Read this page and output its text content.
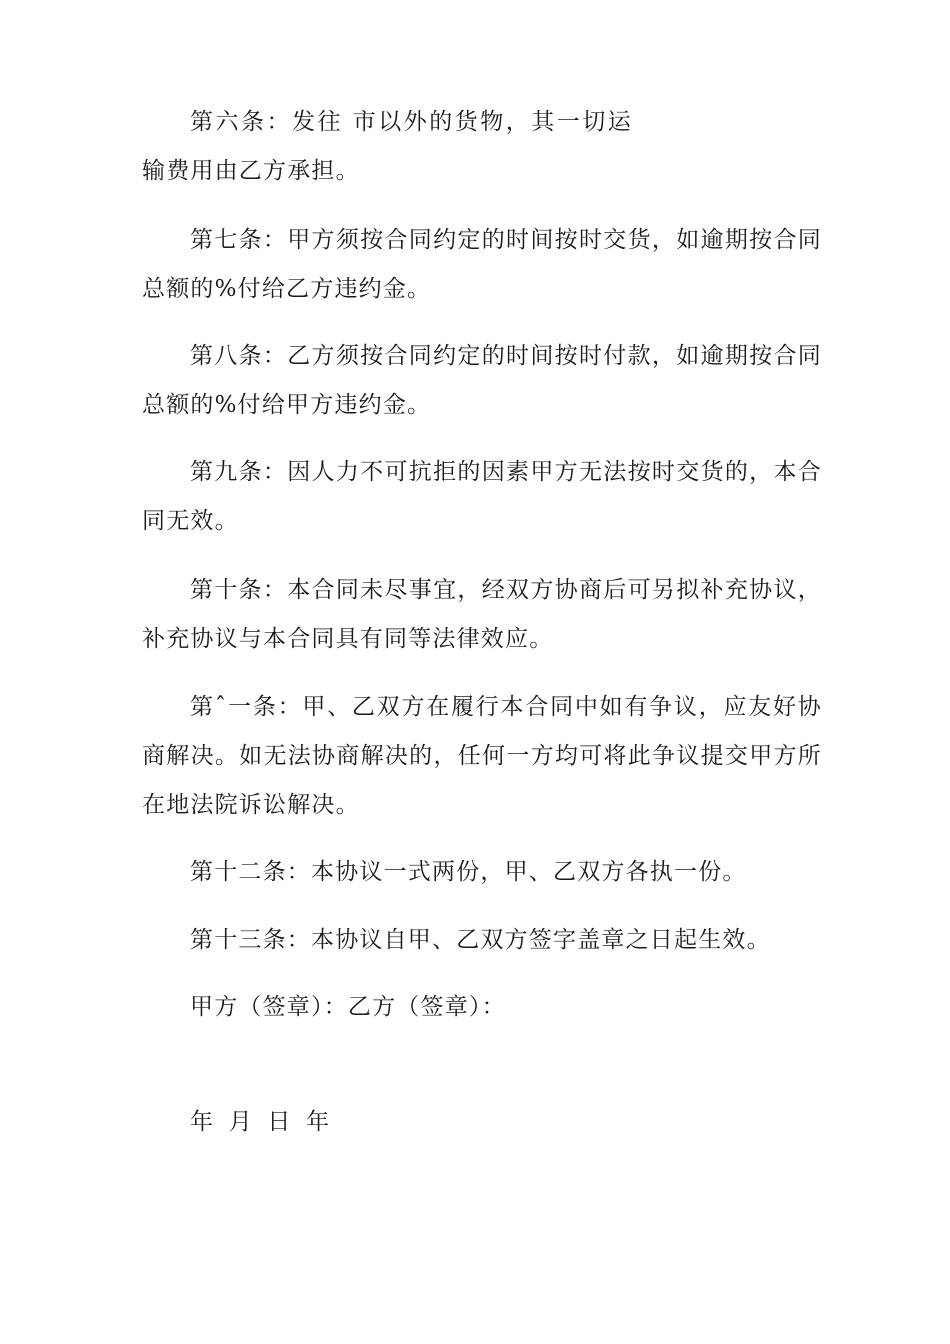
第六条：发往 市以外的货物，其一切运输费用由乙方承担。

第七条：甲方须按合同约定的时间按时交货，如逾期按合同总额的%付给乙方违约金。

第八条：乙方须按合同约定的时间按时付款，如逾期按合同总额的%付给甲方违约金。

第九条：因人力不可抗拒的因素甲方无法按时交货的，本合同无效。

第十条：本合同未尽事宜，经双方协商后可另拟补充协议，补充协议与本合同具有同等法律效应。

第ˆ一条：甲、乙双方在履行本合同中如有争议，应友好协商解决。如无法协商解决的，任何一方均可将此争议提交甲方所在地法院诉讼解决。

第十二条：本协议一式两份，甲、乙双方各执一份。

第十三条：本协议自甲、乙双方签字盖章之日起生效。

甲方（签章）：乙方（签章）：

年 月 日 年
